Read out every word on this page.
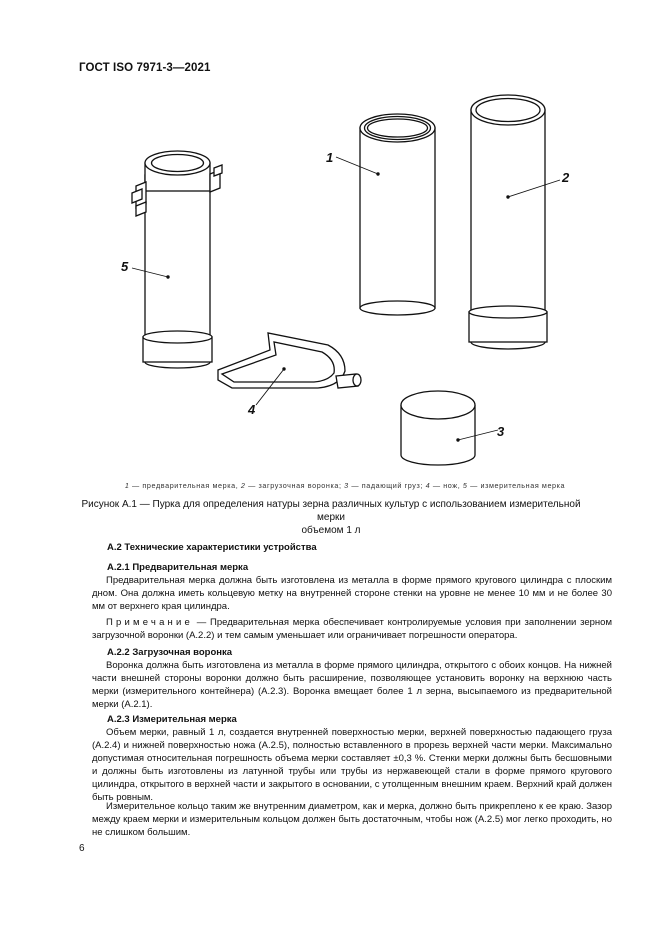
ГОСТ ISO 7971-3—2021
1
2
3
4
5
1 — предварительная мерка, 2 — загрузочная воронка; 3 — падающий груз; 4 — нож, 5 — измерительная мерка
Рисунок А.1 — Пурка для определения натуры зерна различных культур с использованием измерительной мерки
объемом 1 л
А.2 Технические характеристики устройства
А.2.1 Предварительная мерка
Предварительная мерка должна быть изготовлена из металла в форме прямого кругового цилиндра с плоским дном. Она должна иметь кольцевую метку на внутренней стороне стенки на уровне не менее 10 мм и не более 30 мм от верхнего края цилиндра.
Примечание — Предварительная мерка обеспечивает контролируемые условия при заполнении зерном загрузочной воронки (А.2.2) и тем самым уменьшает или ограничивает погрешности оператора.
А.2.2 Загрузочная воронка
Воронка должна быть изготовлена из металла в форме прямого цилиндра, открытого с обоих концов. На нижней части внешней стороны воронки должно быть расширение, позволяющее установить воронку на верхнюю часть мерки (измерительного контейнера) (А.2.3). Воронка вмещает более 1 л зерна, высыпаемого из предварительной мерки (А.2.1).
А.2.3 Измерительная мерка
Объем мерки, равный 1 л, создается внутренней поверхностью мерки, верхней поверхностью падающего груза (А.2.4) и нижней поверхностью ножа (А.2.5), полностью вставленного в прорезь верхней части мерки. Максимально допустимая относительная погрешность объема мерки составляет ±0,3 %. Стенки мерки должны быть бесшовными и должны быть изготовлены из латунной трубы или трубы из нержавеющей стали в форме прямого кругового цилиндра, открытого в верхней части и закрытого в основании, с утолщенным внешним краем. Верхний край должен быть ровным.
Измерительное кольцо таким же внутренним диаметром, как и мерка, должно быть прикреплено к ее краю. Зазор между краем мерки и измерительным кольцом должен быть достаточным, чтобы нож (А.2.5) мог легко проходить, но не слишком большим.
6
